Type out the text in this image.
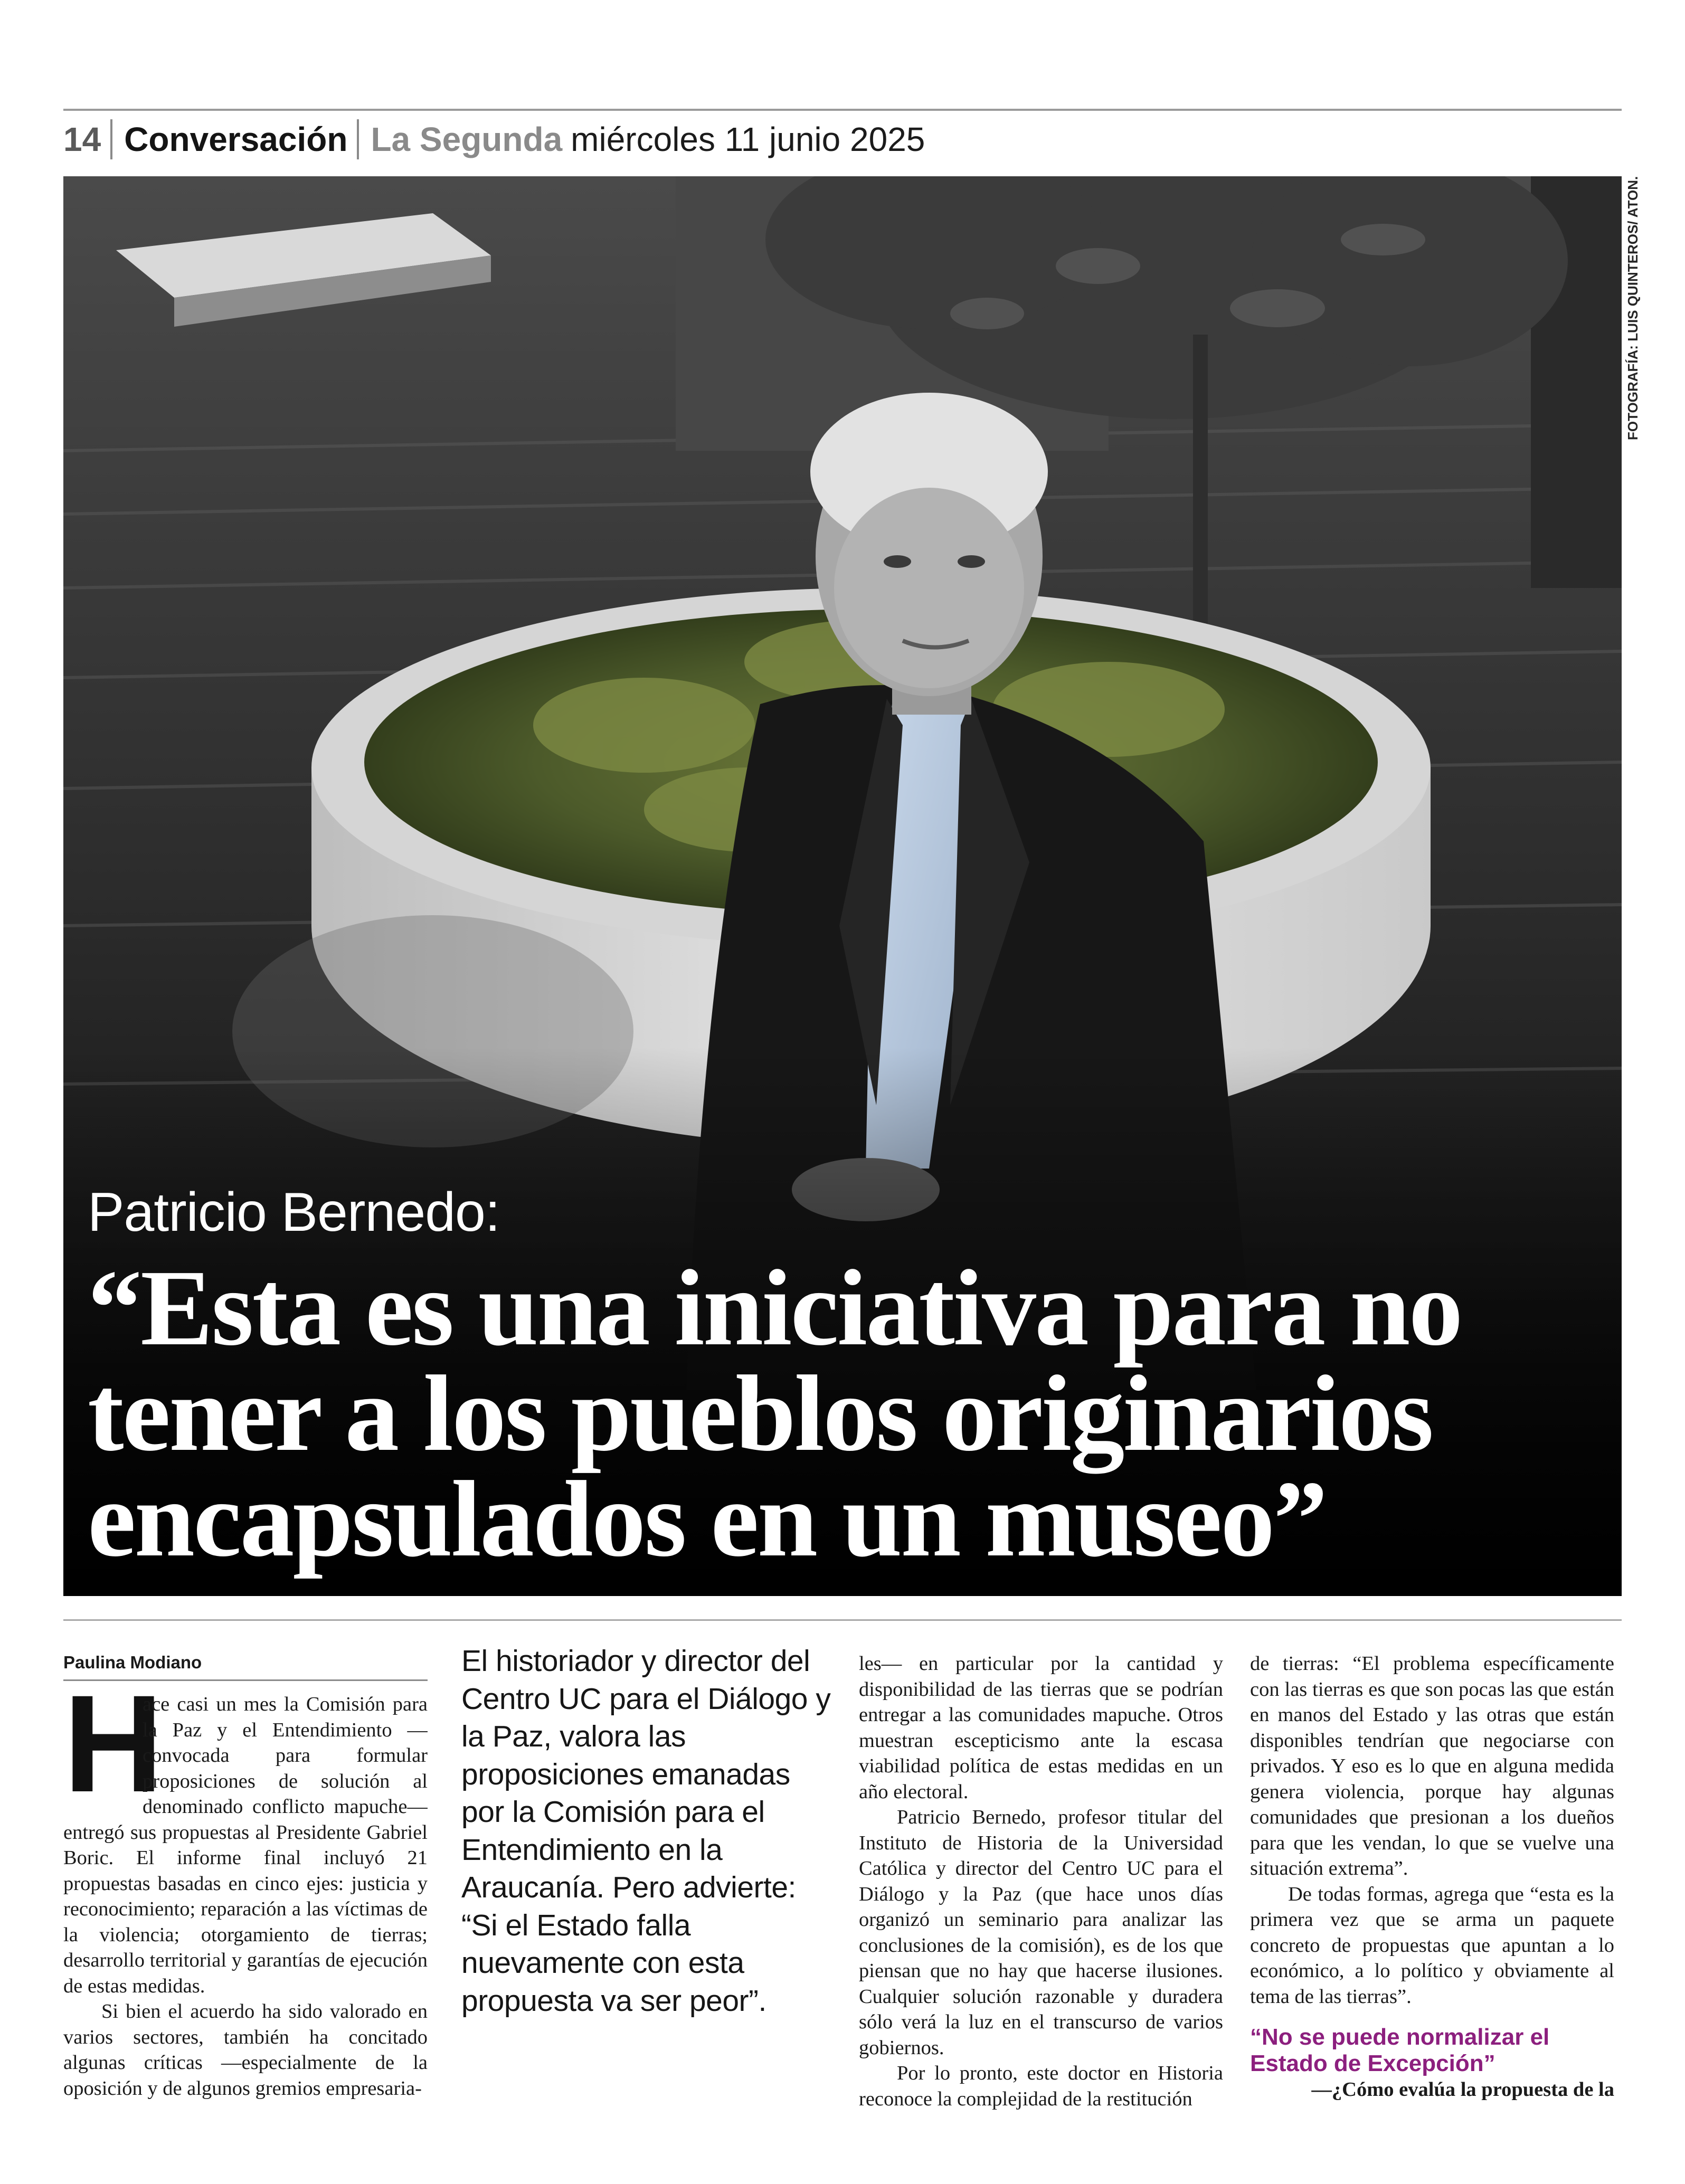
14 Conversación La Segunda miércoles 11 junio 2025
FOTOGRAFÍA: LUIS QUINTEROS/ ATON.
Patricio Bernedo:
“Esta es una iniciativa para no tener a los pueblos originarios encapsulados en un museo”
Paulina Modiano

H
ace casi un mes la Comisión para la Paz y el Entendimiento —convocada para formular proposiciones de solución al denominado conflicto mapuche— entregó sus propuestas al Presidente Gabriel Boric. El informe final incluyó 21 propuestas basadas en cinco ejes: justicia y reconocimiento; reparación a las víctimas de la violencia; otorgamiento de tierras; desarrollo territorial y garantías de ejecución de estas medidas.

Si bien el acuerdo ha sido valorado en varios sectores, también ha concitado algunas críticas —especialmente de la oposición y de algunos gremios empresaria-

El historiador y director del Centro UC para el Diálogo y la Paz, valora las proposiciones emanadas por la Comisión para el Entendimiento en la Araucanía. Pero advierte: “Si el Estado falla nuevamente con esta propuesta va ser peor”.

les— en particular por la cantidad y disponibilidad de las tierras que se podrían entregar a las comunidades mapuche. Otros muestran escepticismo ante la escasa viabilidad política de estas medidas en un año electoral.

Patricio Bernedo, profesor titular del Instituto de Historia de la Universidad Católica y director del Centro UC para el Diálogo y la Paz (que hace unos días organizó un seminario para analizar las conclusiones de la comisión), es de los que piensan que no hay que hacerse ilusiones. Cualquier solución razonable y duradera sólo verá la luz en el transcurso de varios gobiernos.

Por lo pronto, este doctor en Historia reconoce la complejidad de la restitución

de tierras: “El problema específicamente con las tierras es que son pocas las que están en manos del Estado y las otras que están disponibles tendrían que negociarse con privados. Y eso es lo que en alguna medida genera violencia, porque hay algunas comunidades que presionan a los dueños para que les vendan, lo que se vuelve una situación extrema”.

De todas formas, agrega que “esta es la primera vez que se arma un paquete concreto de propuestas que apuntan a lo económico, a lo político y obviamente al tema de las tierras”.

“No se puede normalizar el Estado de Excepción”

—¿Cómo evalúa la propuesta de la
